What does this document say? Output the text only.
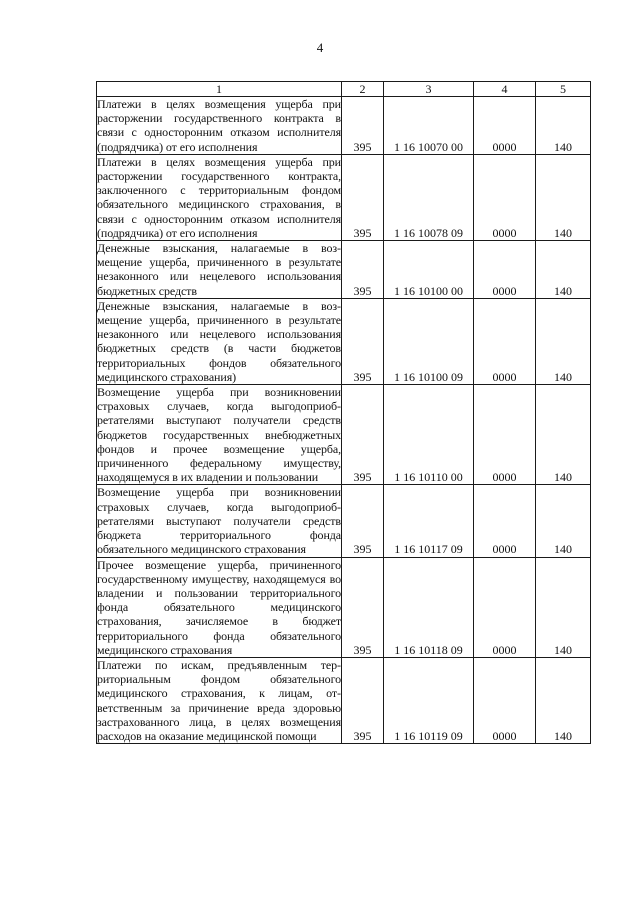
4
1	2	3	4	5
Платежи в целях возмещения ущерба при расторжении государственного контракта в связи с односторонним отказом исполнителя (подрядчика) от его исполнения	395	1 16 10070 00	0000	140
Платежи в целях возмещения ущерба при расторжении государственного контракта, заключенного с территориальным фондом обязательного медицинского страхования, в связи с односторонним отказом исполнителя (подрядчика) от его исполнения	395	1 16 10078 09	0000	140
Денежные взыскания, налагаемые в возмещение ущерба, причиненного в результате незаконного или нецелевого использования бюджетных средств	395	1 16 10100 00	0000	140
Денежные взыскания, налагаемые в возмещение ущерба, причиненного в результате незаконного или нецелевого использования бюджетных средств (в части бюджетов территориальных фондов обязательного медицинского страхования)	395	1 16 10100 09	0000	140
Возмещение ущерба при возникновении страховых случаев, когда выгодоприобретателями выступают получатели средств бюджетов государственных внебюджетных фондов и прочее возмещение ущерба, причиненного федеральному имуществу, находящемуся в их владении и пользовании	395	1 16 10110 00	0000	140
Возмещение ущерба при возникновении страховых случаев, когда выгодоприобретателями выступают получатели средств бюджета территориального фонда обязательного медицинского страхования	395	1 16 10117 09	0000	140
Прочее возмещение ущерба, причиненного государственному имуществу, находящемуся во владении и пользовании территориального фонда обязательного медицинского страхования, зачисляемое в бюджет территориального фонда обязательного медицинского страхования	395	1 16 10118 09	0000	140
Платежи по искам, предъявленным территориальным фондом обязательного медицинского страхования, к лицам, ответственным за причинение вреда здоровью застрахованного лица, в целях возмещения расходов на оказание медицинской помощи	395	1 16 10119 09	0000	140
